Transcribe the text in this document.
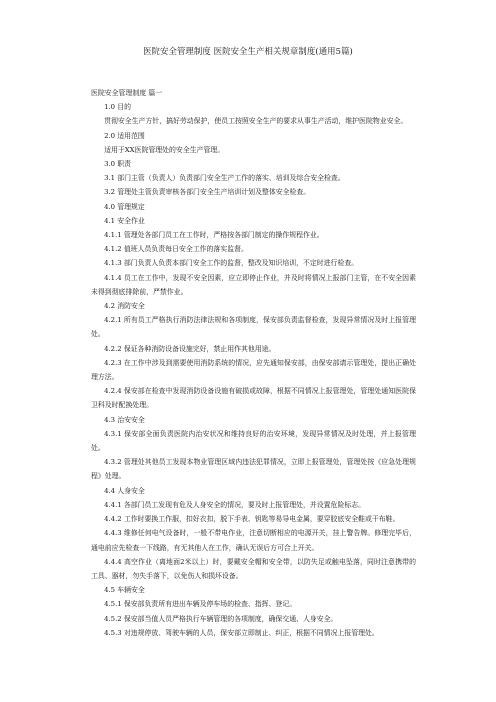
医院安全管理制度 医院安全生产相关规章制度(通用5篇)

医院安全管理制度 篇一

1.0 目的

贯彻安全生产方针，搞好劳动保护，使员工按照安全生产的要求从事生产活动，维护医院物业安全。

2.0 适用范围

适用于XX医院管理处的安全生产管理。

3.0 职责

3.1 部门主管（负责人）负责部门安全生产工作的落实、培训及综合安全检查。

3.2 管理处主管负责审核各部门安全生产培训计划及整体安全检查。

4.0 管理规定

4.1 安全作业

4.1.1 管理处各部门员工在工作时，严格按各部门制定的操作规程作业。

4.1.2 值班人员负责每日安全工作的落实监督。

4.1.3 部门负责人负责本部门安全工作的监督，整改及知识培训，不定时进行检查。

4.1.4 员工在工作中，发现不安全因素，应立即停止作业，并及时将情况上报部门主管，在不安全因素未得到彻底排除前，严禁作业。

4.2 消防安全

4.2.1 所有员工严格执行消防法律法规和各项制度，保安部负责监督检查，发现异常情况及时上报管理处。

4.2.2 保证各种消防设备设施完好，禁止用作其他用途。

4.2.3 在工作中涉及到需要使用消防系统的情况，应先通知保安部，由保安部请示管理处，提出正确处理方法。

4.2.4 保安部在检查中发现消防设备设施有破损或故障，根据不同情况上报管理处，管理处通知医院保卫科及时配换处理。

4.3 治安安全

4.3.1 保安部全面负责医院内治安状况和维持良好的治安环境，发现异常情况及时处理，并上报管理处。

4.3.2 管理处其他员工发现本物业管理区域内违法犯罪情况，立即上报管理处，管理处按《应急处理规程》处理。

4.4 人身安全

4.4.1 各部门员工发现有危及人身安全的情况，要及时上报管理处，并设置危险标志。

4.4.2 工作时要换工作服，扣好衣扣，脱下手表、钥匙等易导电金属，要穿胶底安全鞋或干布鞋。

4.4.3 维修任何电气设备时，一般不带电作业，注意切断相应的电源开关，挂上警告牌。修理完毕后，通电前应先检查一下线路，有无其他人在工作，确认无误后方可合上开关。

4.4.4 高空作业（离地面2米以上）时，要戴安全帽和安全带，以防失足或触电坠落，同时注意携带的工具、器材，勿失手落下，以免伤人和损坏设备。

4.5 车辆安全

4.5.1 保安部负责所有进出车辆及停车场的检查、指挥、登记。

4.5.2 保安部当值人员严格执行车辆管理的各项制度，确保交通、人身安全。

4.5.3 对违规停放、驾驶车辆的人员，保安部立即制止、纠正，根据不同情况上报管理处。
